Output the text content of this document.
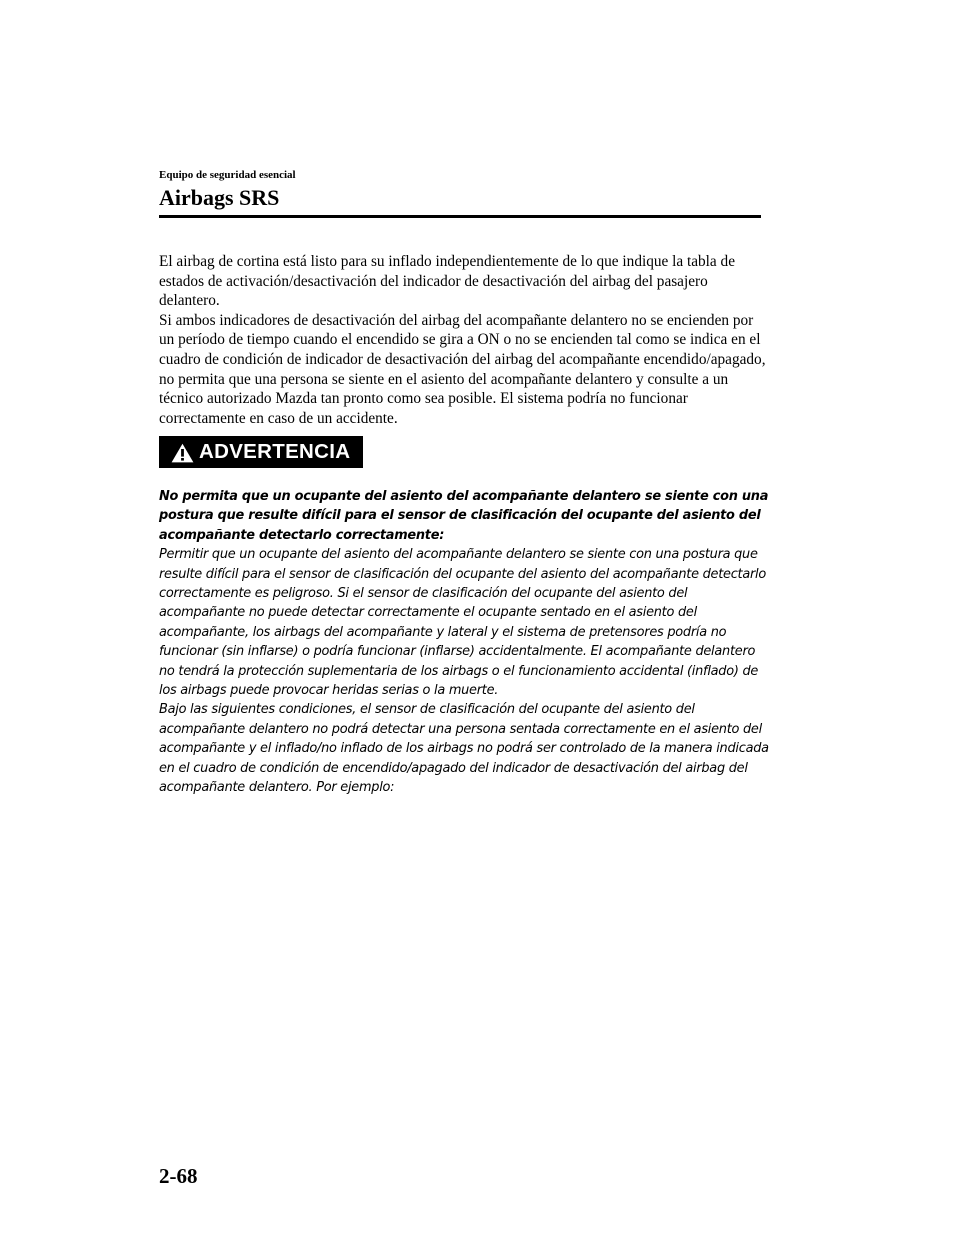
Equipo de seguridad esencial
Airbags SRS

El airbag de cortina está listo para su inflado independientemente de lo que indique la tabla de estados de activación/desactivación del indicador de desactivación del airbag del pasajero delantero.

Si ambos indicadores de desactivación del airbag del acompañante delantero no se encienden por un período de tiempo cuando el encendido se gira a ON o no se encienden tal como se indica en el cuadro de condición de indicador de desactivación del airbag del acompañante encendido/apagado, no permita que una persona se siente en el asiento del acompañante delantero y consulte a un técnico autorizado Mazda tan pronto como sea posible. El sistema podría no funcionar correctamente en caso de un accidente.

ADVERTENCIA

No permita que un ocupante del asiento del acompañante delantero se siente con una postura que resulte difícil para el sensor de clasificación del ocupante del asiento del acompañante detectarlo correctamente:

Permitir que un ocupante del asiento del acompañante delantero se siente con una postura que resulte difícil para el sensor de clasificación del ocupante del asiento del acompañante detectarlo correctamente es peligroso. Si el sensor de clasificación del ocupante del asiento del acompañante no puede detectar correctamente el ocupante sentado en el asiento del acompañante, los airbags del acompañante y lateral y el sistema de pretensores podría no funcionar (sin inflarse) o podría funcionar (inflarse) accidentalmente. El acompañante delantero no tendrá la protección suplementaria de los airbags o el funcionamiento accidental (inflado) de los airbags puede provocar heridas serias o la muerte.

Bajo las siguientes condiciones, el sensor de clasificación del ocupante del asiento del acompañante delantero no podrá detectar una persona sentada correctamente en el asiento del acompañante y el inflado/no inflado de los airbags no podrá ser controlado de la manera indicada en el cuadro de condición de encendido/apagado del indicador de desactivación del airbag del acompañante delantero. Por ejemplo:

2-68
